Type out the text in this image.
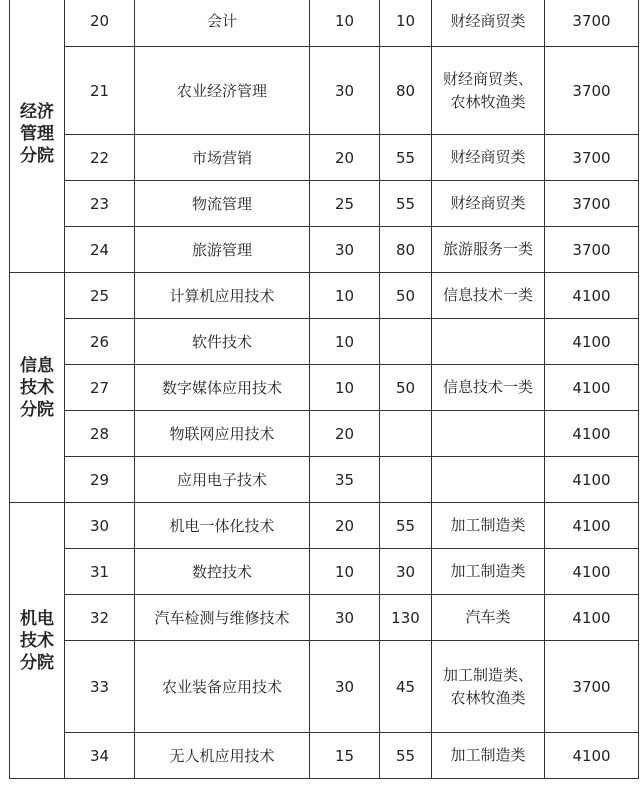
经济
管理
分院	20	会计	10	10	财经商贸类	3700
	21	农业经济管理	30	80	财经商贸类、
农林牧渔类	3700
	22	市场营销	20	55	财经商贸类	3700
	23	物流管理	25	55	财经商贸类	3700
	24	旅游管理	30	80	旅游服务一类	3700

信息
技术
分院	25	计算机应用技术	10	50	信息技术一类	4100
	26	软件技术	10			4100
	27	数字媒体应用技术	10	50	信息技术一类	4100
	28	物联网应用技术	20			4100
	29	应用电子技术	35			4100

机电
技术
分院	30	机电一体化技术	20	55	加工制造类	4100
	31	数控技术	10	30	加工制造类	4100
	32	汽车检测与维修技术	30	130	汽车类	4100
	33	农业装备应用技术	30	45	加工制造类、
农林牧渔类	3700
	34	无人机应用技术	15	55	加工制造类	4100
